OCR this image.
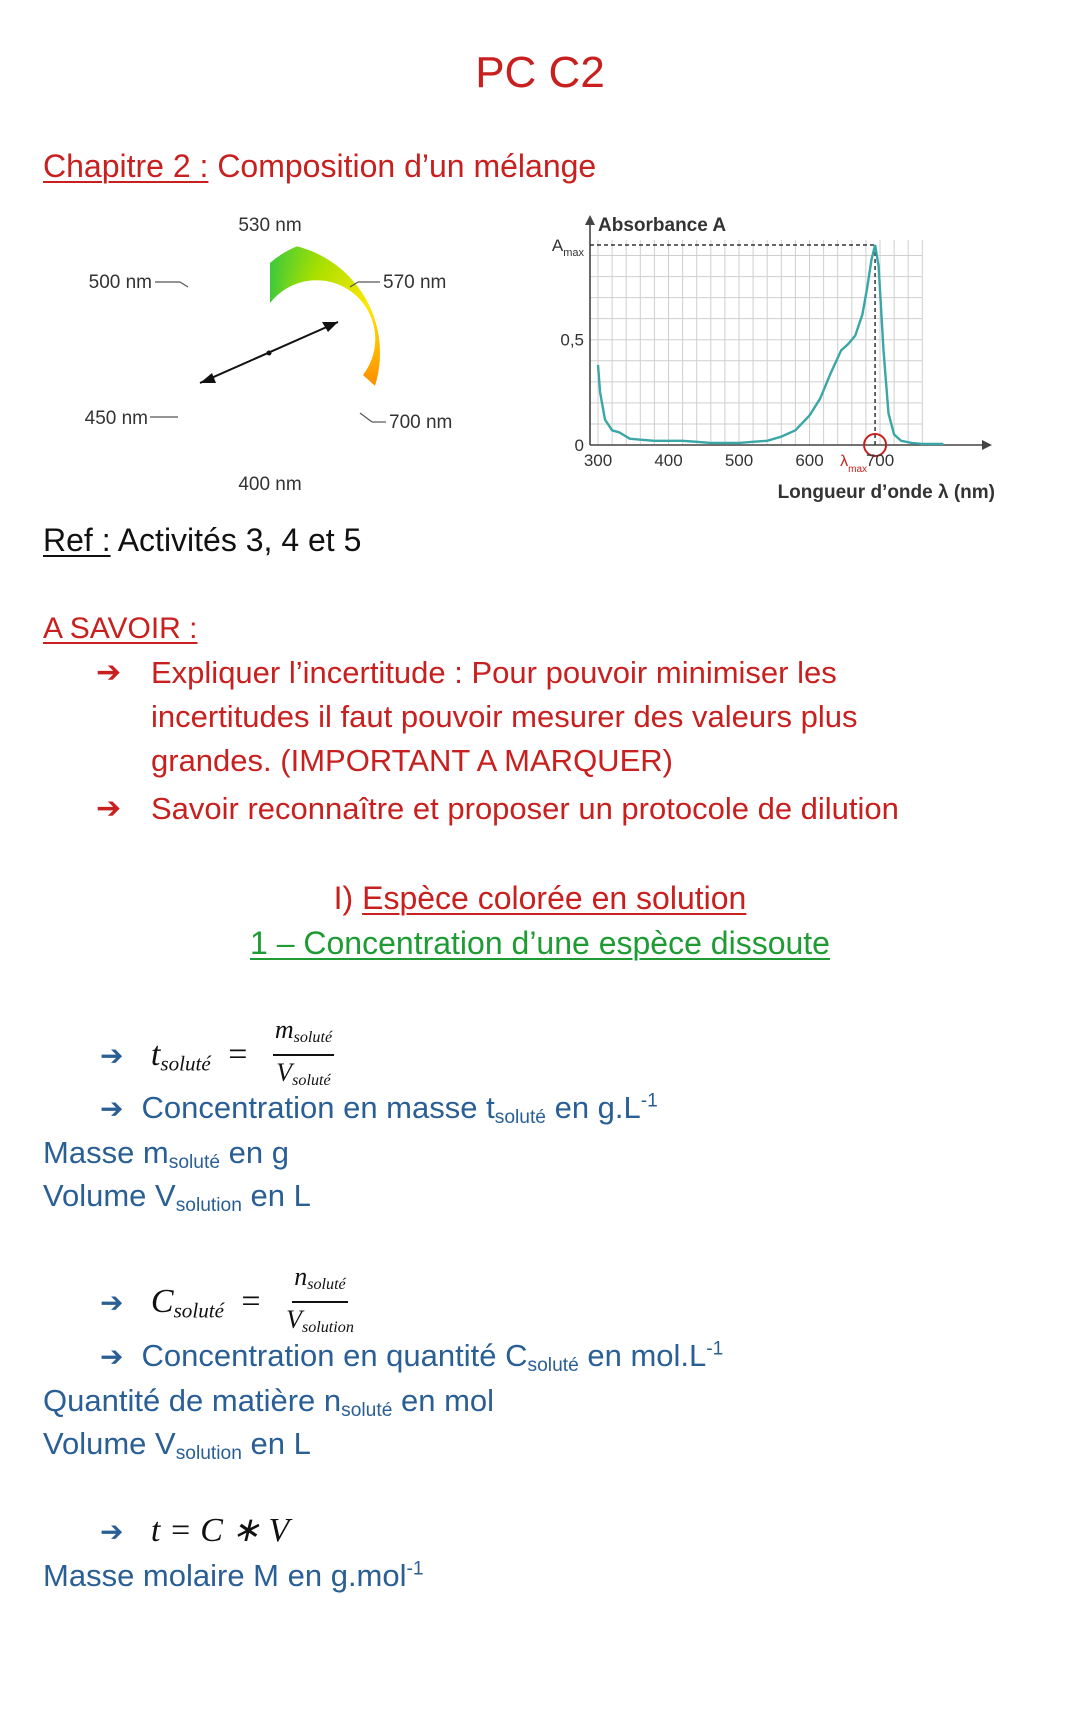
PC C2
Chapitre 2 : Composition d’un mélange
530 nm
500 nm	570 nm
450 nm	700 nm
400 nm
300 400 500 600 700
$A_{max}$
0,5
0
$\lambda_{max}$
Absorbance A
Longueur d’onde λ (nm)
Ref : Activités 3, 4 et 5
A SAVOIR :
➔ Expliquer l’incertitude : Pour pouvoir minimiser les incertitudes il faut pouvoir mesurer des valeurs plus grandes. (IMPORTANT A MARQUER)
➔ Savoir reconnaître et proposer un protocole de dilution
I) Espèce colorée en solution
1 – Concentration d’une espèce dissoute
➔ $t_{soluté} = \frac{m_{soluté}}{V_{soluté}}$
➔ Concentration en masse $t_{soluté}$ en $g.L^{-1}$
Masse $m_{soluté}$ en g
Volume $V_{solution}$ en L
➔ $C_{soluté} = \frac{n_{soluté}}{V_{solution}}$
➔ Concentration en quantité $C_{soluté}$ en $mol.L^{-1}$
Quantité de matière $n_{soluté}$ en mol
Volume $V_{solution}$ en L
➔ t = C ∗ V
Masse molaire M en g.mol$^{-1}$
